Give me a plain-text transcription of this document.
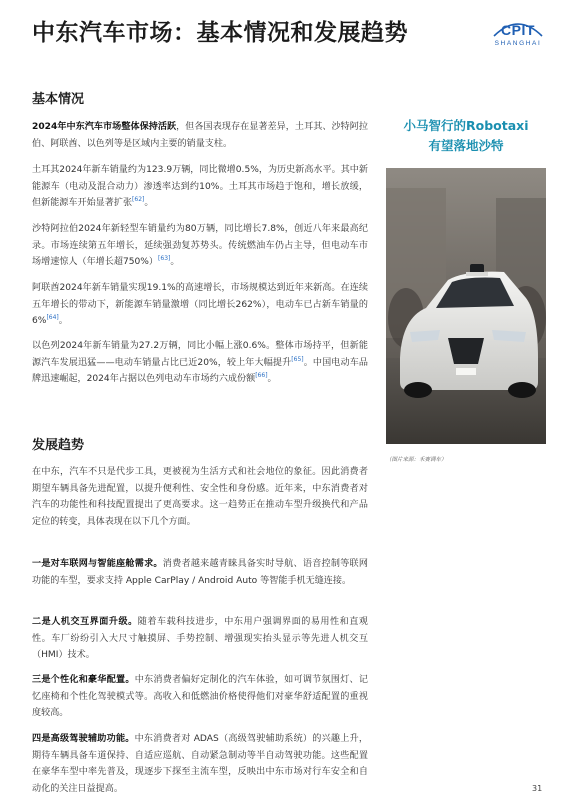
中东汽车市场：基本情况和发展趋势	CPIT
SHANGHAI
基本情况

2024年中东汽车市场整体保持活跃，但各国表现存在显著差异，土耳其、沙特阿拉伯、阿联酋、以色列等是区域内主要的销量支柱。

土耳其2024年新车销量约为123.9万辆，同比微增0.5%，为历史新高水平。其中新能源车（电动及混合动力）渗透率达到约10%。土耳其市场趋于饱和，增长放缓，但新能源车开始显著扩张[62]。

沙特阿拉伯2024年新轻型车销量约为80万辆，同比增长7.8%，创近八年来最高纪录。市场连续第五年增长，延续强劲复苏势头。传统燃油车仍占主导，但电动车市场增速惊人（年增长超750%）[63]。

阿联酋2024年新车销量实现19.1%的高速增长，市场规模达到近年来新高。在连续五年增长的带动下，新能源车销量激增（同比增长262%），电动车已占新车销量的6%[64]。

以色列2024年新车销量为27.2万辆，同比小幅上涨0.6%。整体市场持平，但新能源汽车发展迅猛——电动车销量占比已近20%，较上年大幅提升[65]。中国电动车品牌迅速崛起，2024年占据以色列电动车市场约六成份额[66]。

发展趋势

在中东，汽车不只是代步工具，更被视为生活方式和社会地位的象征。因此消费者期望车辆具备先进配置，以提升便利性、安全性和身份感。近年来，中东消费者对汽车的功能性和科技配置提出了更高要求。这一趋势正在推动车型升级换代和产品定位的转变，具体表现在以下几个方面。

一是对车联网与智能座舱需求。消费者越来越青睐具备实时导航、语音控制等联网功能的车型，要求支持 Apple CarPlay / Android Auto 等智能手机无缝连接。

二是人机交互界面升级。随着车载科技进步，中东用户强调界面的易用性和直观性。车厂纷纷引入大尺寸触摸屏、手势控制、增强现实抬头显示等先进人机交互（HMI）技术。

三是个性化和豪华配置。中东消费者偏好定制化的汽车体验，如可调节氛围灯、记忆座椅和个性化驾驶模式等。高收入和低燃油价格使得他们对豪华舒适配置的重视度较高。

四是高级驾驶辅助功能。中东消费者对 ADAS（高级驾驶辅助系统）的兴趣上升，期待车辆具备车道保持、自适应巡航、自动紧急制动等半自动驾驶功能。这些配置在豪华车型中率先普及，现逐步下探至主流车型，反映出中东市场对行车安全和自动化的关注日益提高。

小马智行的Robotaxi
有望落地沙特
（图片来源：禾赛调车）
31
